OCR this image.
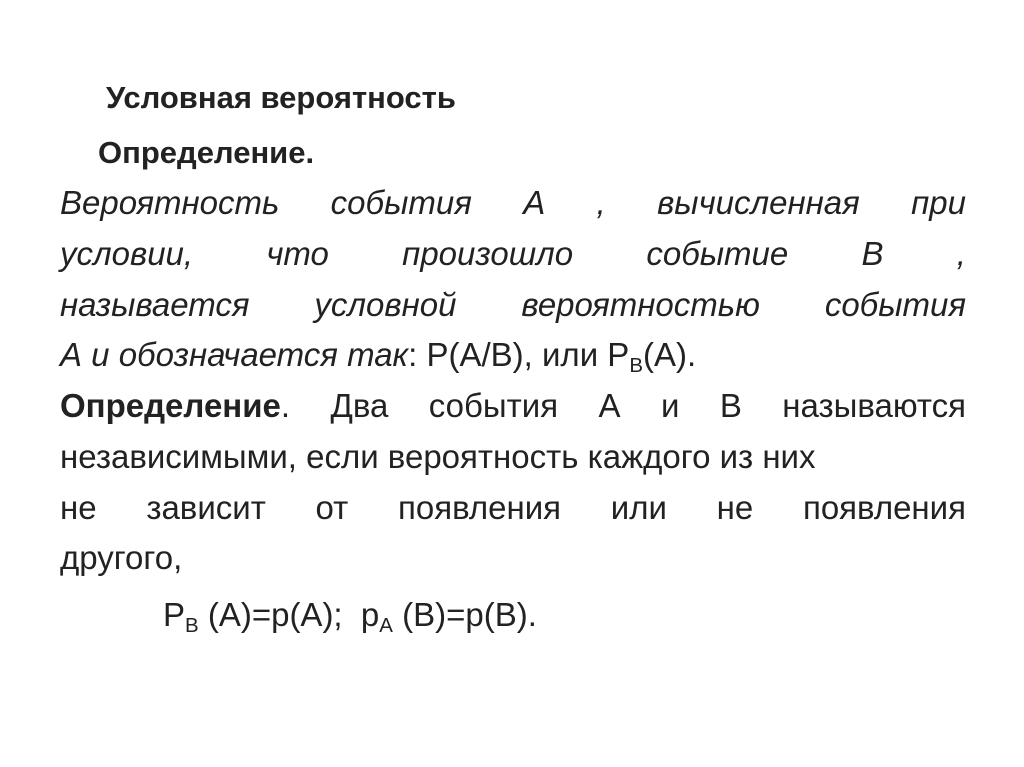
Условная вероятность
Определение.
Вероятность события А , вычисленная при
условии, что произошло событие В ,
называется условной вероятностью события
А и обозначается так: Р(А/В), или $Р_В(А)$.
Определение. Два события А и В называются
независимыми, если вероятность каждого из них
не зависит от появления или не появления
другого,
$Р_В$ (А)=р(А);  $р_А$ (В)=р(В).
